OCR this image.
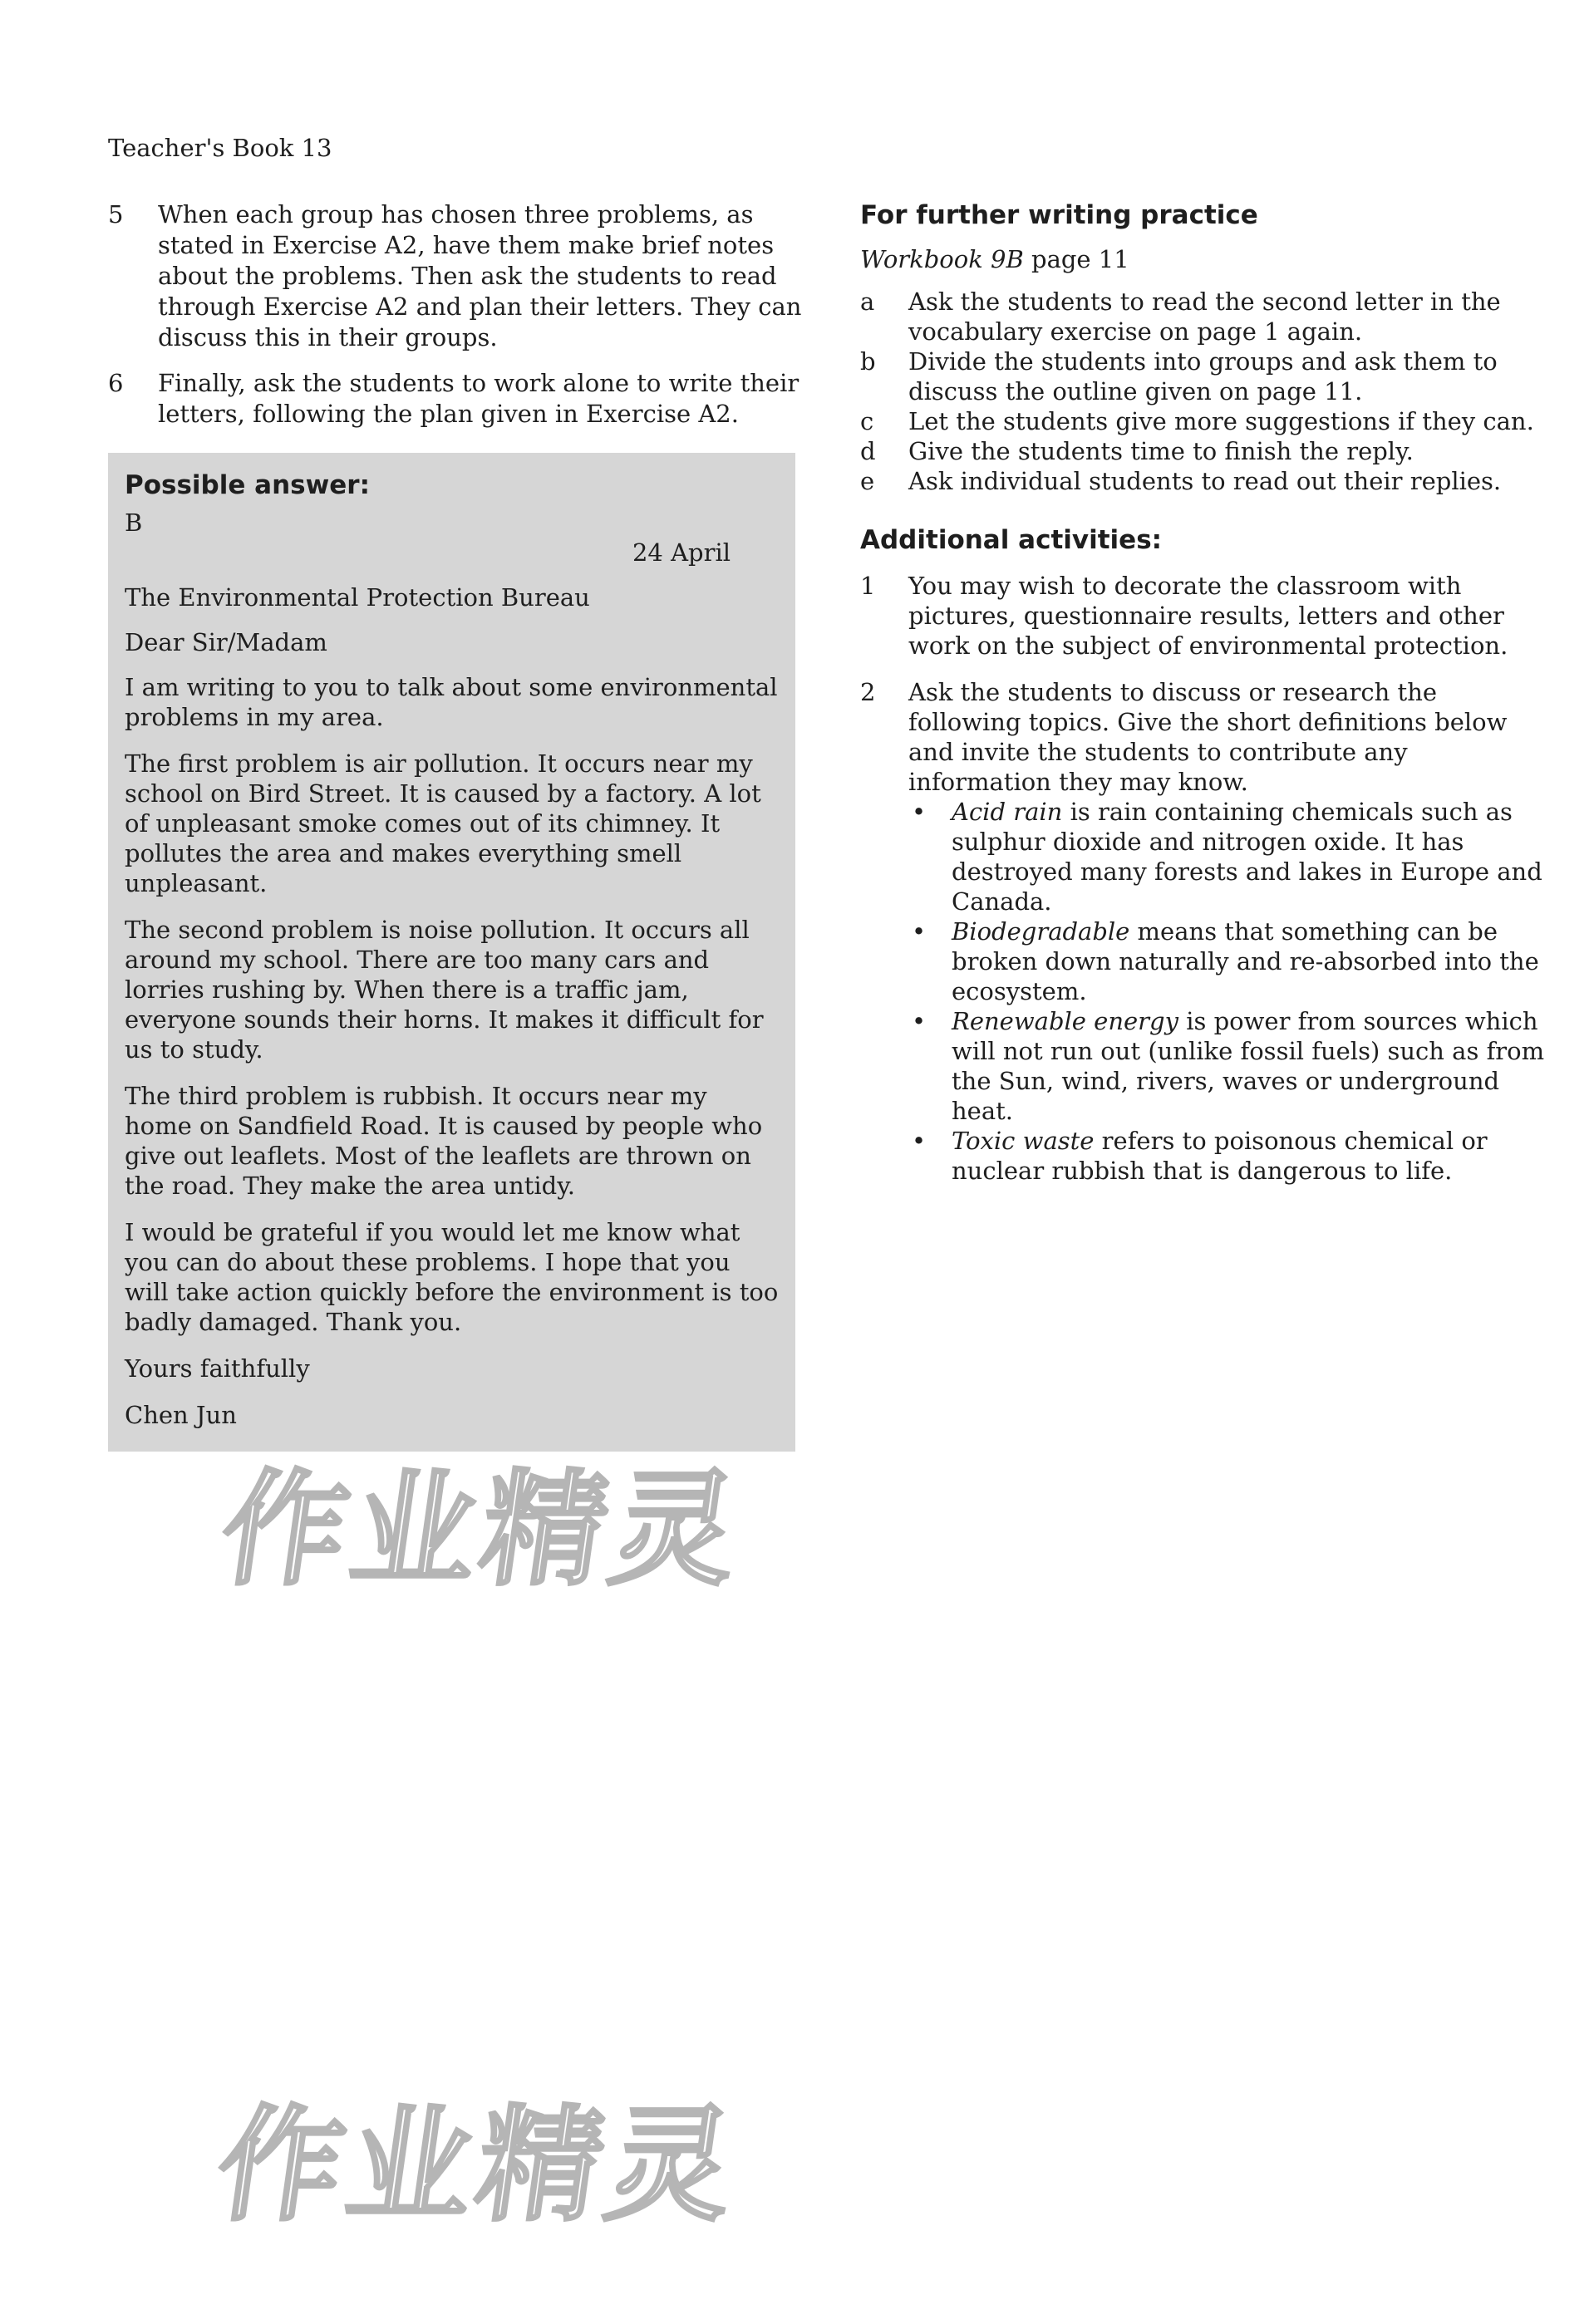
Teacher's Book 13
5	When each group has chosen three problems, as stated in Exercise A2, have them make brief notes about the problems. Then ask the students to read through Exercise A2 and plan their letters. They can discuss this in their groups.
6	Finally, ask the students to work alone to write their letters, following the plan given in Exercise A2.
Possible answer:
B
24 April
The Environmental Protection Bureau
Dear Sir/Madam
I am writing to you to talk about some environmental problems in my area.
The first problem is air pollution. It occurs near my school on Bird Street. It is caused by a factory. A lot of unpleasant smoke comes out of its chimney. It pollutes the area and makes everything smell unpleasant.
The second problem is noise pollution. It occurs all around my school. There are too many cars and lorries rushing by. When there is a traffic jam, everyone sounds their horns. It makes it difficult for us to study.
The third problem is rubbish. It occurs near my home on Sandfield Road. It is caused by people who give out leaflets. Most of the leaflets are thrown on the road. They make the area untidy.
I would be grateful if you would let me know what you can do about these problems. I hope that you will take action quickly before the environment is too badly damaged. Thank you.
Yours faithfully
Chen Jun
For further writing practice
Workbook 9B page 11
a	Ask the students to read the second letter in the vocabulary exercise on page 1 again.
b	Divide the students into groups and ask them to discuss the outline given on page 11.
c	Let the students give more suggestions if they can.
d	Give the students time to finish the reply.
e	Ask individual students to read out their replies.
Additional activities:
1	You may wish to decorate the classroom with pictures, questionnaire results, letters and other work on the subject of environmental protection.
2	Ask the students to discuss or research the following topics. Give the short definitions below and invite the students to contribute any information they may know.
•	Acid rain is rain containing chemicals such as sulphur dioxide and nitrogen oxide. It has destroyed many forests and lakes in Europe and Canada.
•	Biodegradable means that something can be broken down naturally and re-absorbed into the ecosystem.
•	Renewable energy is power from sources which will not run out (unlike fossil fuels) such as from the Sun, wind, rivers, waves or underground heat.
•	Toxic waste refers to poisonous chemical or nuclear rubbish that is dangerous to life.
作业精灵
作业精灵
